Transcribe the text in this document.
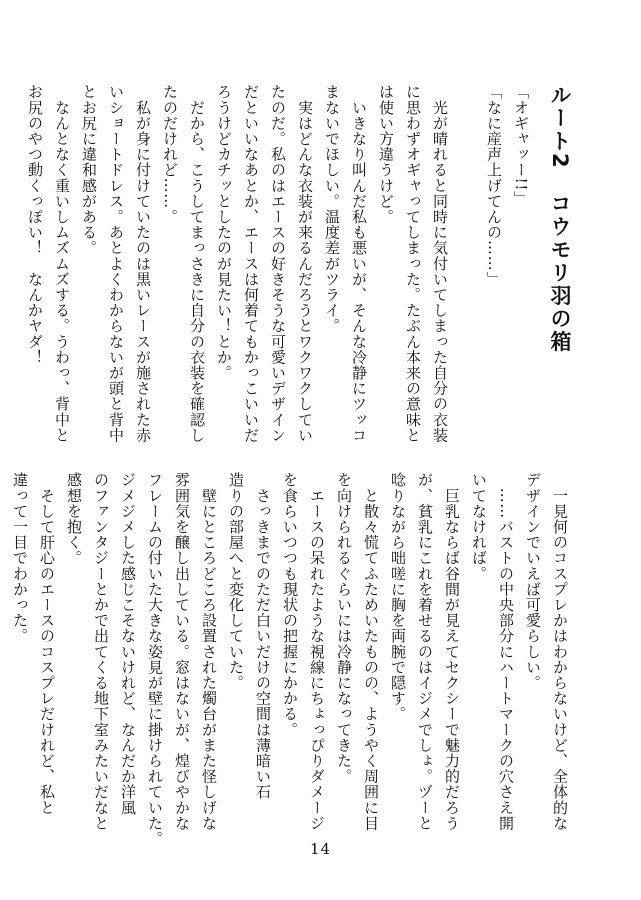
ルート2　コウモリ羽の箱
「オギャッー!!」
「なに産声上げてんの……」
　光が晴れると同時に気付いてしまった自分の衣装
に思わずオギャってしまった。たぶん本来の意味と
は使い方違うけど。
　いきなり叫んだ私も悪いが、そんな冷静にツッコ
まないでほしい。温度差がツライ。
　実はどんな衣装が来るんだろうとワクワクしてい
たのだ。私のはエースの好きそうな可愛いデザイン
だといいなあとか、エースは何着てもかっこいいだ
ろうけどカチッとしたのが見たい！とか。
　だから、こうしてまっさきに自分の衣装を確認し
たのだけれど……。
　私が身に付けていたのは黒いレースが施された赤
いショートドレス。あとよくわからないが頭と背中
とお尻に違和感がある。
　なんとなく重いしムズムズする。うわっ、背中と
お尻のやつ動くっぽい！　なんかヤダ！
　一見何のコスプレかはわからないけど、全体的な
デザインでいえば可愛らしい。
　……バストの中央部分にハートマークの穴さえ開
いてなければ。
　巨乳ならば谷間が見えてセクシーで魅力的だろう
が、貧乳にこれを着せるのはイジメでしょ。ヅーと
唸りながら咄嗟に胸を両腕で隠す。
　と散々慌てふためいたものの、ようやく周囲に目
を向けられるぐらいには冷静になってきた。
　エースの呆れたような視線にちょっぴりダメージ
を食らいつつも現状の把握にかかる。
　さっきまでのただ白いだけの空間は薄暗い石
造りの部屋へと変化していた。
　壁にところどころ設置された燭台がまた怪しげな
雰囲気を醸し出している。窓はないが、煌びやかな
フレームの付いた大きな姿見が壁に掛けられていた。
ジメジメした感じこそないけれど、なんだか洋風
のファンタジーとかで出てくる地下室みたいだなと
感想を抱く。
　そして肝心のエースのコスプレだけれど、私と
違って一目でわかった。
14
